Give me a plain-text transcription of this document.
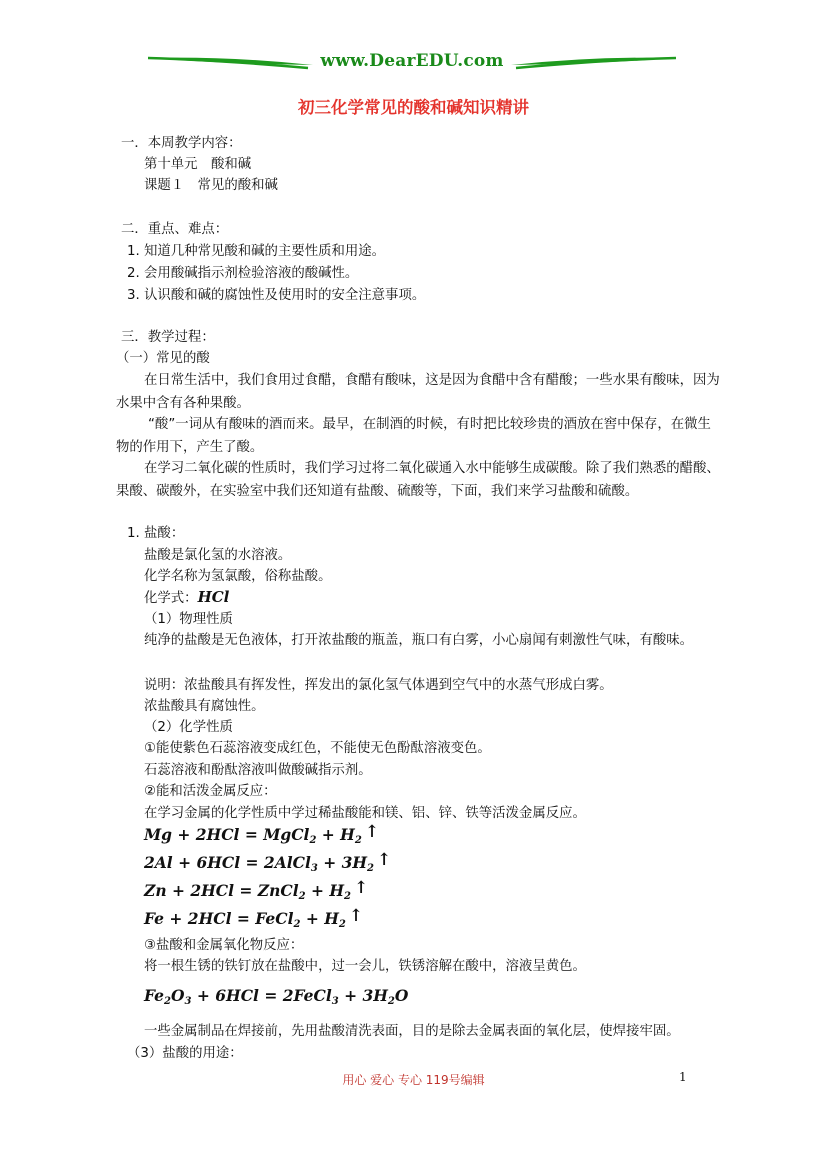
www.DearEDU.com
初三化学常见的酸和碱知识精讲
一．本周教学内容：
第十单元　酸和碱
课题１　常见的酸和碱
二．重点、难点：
1. 知道几种常见酸和碱的主要性质和用途。
2. 会用酸碱指示剂检验溶液的酸碱性。
3. 认识酸和碱的腐蚀性及使用时的安全注意事项。
三．教学过程：
（一）常见的酸
在日常生活中，我们食用过食醋，食醋有酸味，这是因为食醋中含有醋酸；一些水果有酸味，因为水果中含有各种果酸。
“酸”一词从有酸味的酒而来。最早，在制酒的时候，有时把比较珍贵的酒放在窖中保存，在微生物的作用下，产生了酸。
在学习二氧化碳的性质时，我们学习过将二氧化碳通入水中能够生成碳酸。除了我们熟悉的醋酸、果酸、碳酸外，在实验室中我们还知道有盐酸、硫酸等，下面，我们来学习盐酸和硫酸。
1. 盐酸：
盐酸是氯化氢的水溶液。
化学名称为氢氯酸，俗称盐酸。
化学式：HCl
（1）物理性质
纯净的盐酸是无色液体，打开浓盐酸的瓶盖，瓶口有白雾，小心扇闻有刺激性气味，有酸味。
说明：浓盐酸具有挥发性，挥发出的氯化氢气体遇到空气中的水蒸气形成白雾。
浓盐酸具有腐蚀性。
（2）化学性质
①能使紫色石蕊溶液变成红色，不能使无色酚酞溶液变色。
石蕊溶液和酚酞溶液叫做酸碱指示剂。
②能和活泼金属反应：
在学习金属的化学性质中学过稀盐酸能和镁、铝、锌、铁等活泼金属反应。
Mg + 2HCl = MgCl$_2$ + $H_2$ ↑
2Al + 6HCl = 2AlCl$_3$ + $3H_2$ ↑
Zn + 2HCl = ZnCl$_2$ + $H_2$ ↑
Fe + 2HCl = FeCl$_2$ + $H_2$ ↑
③盐酸和金属氧化物反应：
将一根生锈的铁钉放在盐酸中，过一会儿，铁锈溶解在酸中，溶液呈黄色。
$Fe_2O_3 + 6HCl$ = 2FeCl$_3$ + $3H_2O$
一些金属制品在焊接前，先用盐酸清洗表面，目的是除去金属表面的氧化层，使焊接牢固。
（3）盐酸的用途：
用心 爱心 专心 119号编辑	1
